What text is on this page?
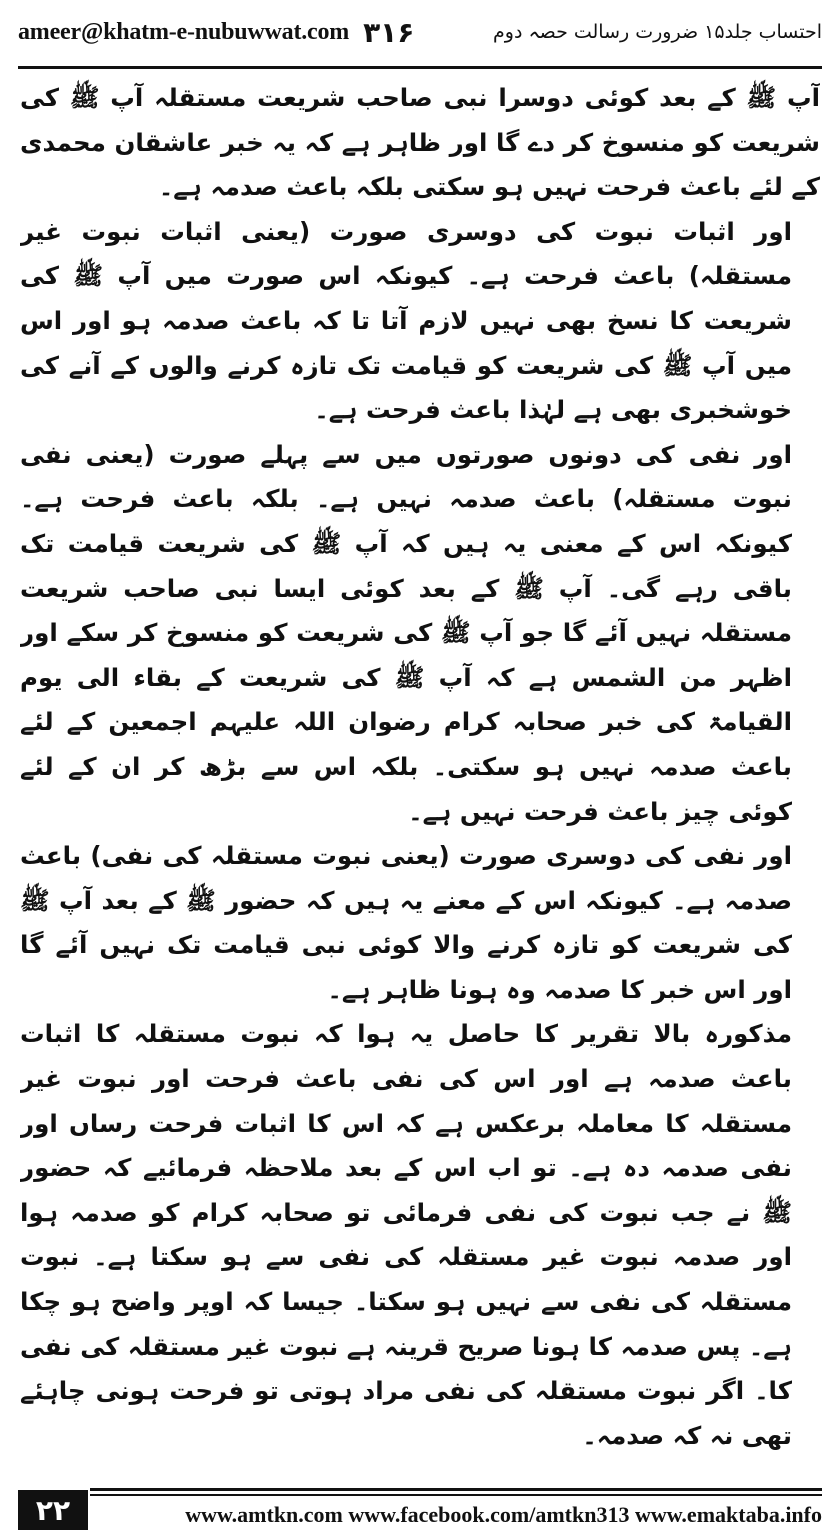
ameer@khatm-e-nubuwwat.com ۳۱۶	احتساب جلد۱۵ ضرورت رسالت حصہ دوم

آپ ﷺ کے بعد کوئی دوسرا نبی صاحب شریعت مستقلہ آپ ﷺ کی شریعت کو منسوخ کر دے گا اور ظاہر ہے کہ یہ خبر عاشقان محمدی کے لئے باعث فرحت نہیں ہو سکتی بلکہ باعث صدمہ ہے۔

اور اثبات نبوت کی دوسری صورت (یعنی اثبات نبوت غیر مستقلہ) باعث فرحت ہے۔ کیونکہ اس صورت میں آپ ﷺ کی شریعت کا نسخ بھی نہیں لازم آتا تا کہ باعث صدمہ ہو اور اس میں آپ ﷺ کی شریعت کو قیامت تک تازہ کرنے والوں کے آنے کی خوشخبری بھی ہے لہٰذا باعث فرحت ہے۔

اور نفی کی دونوں صورتوں میں سے پہلے صورت (یعنی نفی نبوت مستقلہ) باعث صدمہ نہیں ہے۔ بلکہ باعث فرحت ہے۔ کیونکہ اس کے معنی یہ ہیں کہ آپ ﷺ کی شریعت قیامت تک باقی رہے گی۔ آپ ﷺ کے بعد کوئی ایسا نبی صاحب شریعت مستقلہ نہیں آئے گا جو آپ ﷺ کی شریعت کو منسوخ کر سکے اور اظہر من الشمس ہے کہ آپ ﷺ کی شریعت کے بقاء الی یوم القیامۃ کی خبر صحابہ کرام رضوان اللہ علیہم اجمعین کے لئے باعث صدمہ نہیں ہو سکتی۔ بلکہ اس سے بڑھ کر ان کے لئے کوئی چیز باعث فرحت نہیں ہے۔

اور نفی کی دوسری صورت (یعنی نبوت مستقلہ کی نفی) باعث صدمہ ہے۔ کیونکہ اس کے معنے یہ ہیں کہ حضور ﷺ کے بعد آپ ﷺ کی شریعت کو تازہ کرنے والا کوئی نبی قیامت تک نہیں آئے گا اور اس خبر کا صدمہ وہ ہونا ظاہر ہے۔

مذکورہ بالا تقریر کا حاصل یہ ہوا کہ نبوت مستقلہ کا اثبات باعث صدمہ ہے اور اس کی نفی باعث فرحت اور نبوت غیر مستقلہ کا معاملہ برعکس ہے کہ اس کا اثبات فرحت رساں اور نفی صدمہ دہ ہے۔ تو اب اس کے بعد ملاحظہ فرمائیے کہ حضور ﷺ نے جب نبوت کی نفی فرمائی تو صحابہ کرام کو صدمہ ہوا اور صدمہ نبوت غیر مستقلہ کی نفی سے ہو سکتا ہے۔ نبوت مستقلہ کی نفی سے نہیں ہو سکتا۔ جیسا کہ اوپر واضح ہو چکا ہے۔ پس صدمہ کا ہونا صریح قرینہ ہے نبوت غیر مستقلہ کی نفی کا۔ اگر نبوت مستقلہ کی نفی مراد ہوتی تو فرحت ہونی چاہئے تھی نہ کہ صدمہ۔

۲۲	www.amtkn.com www.facebook.com/amtkn313 www.emaktaba.info
